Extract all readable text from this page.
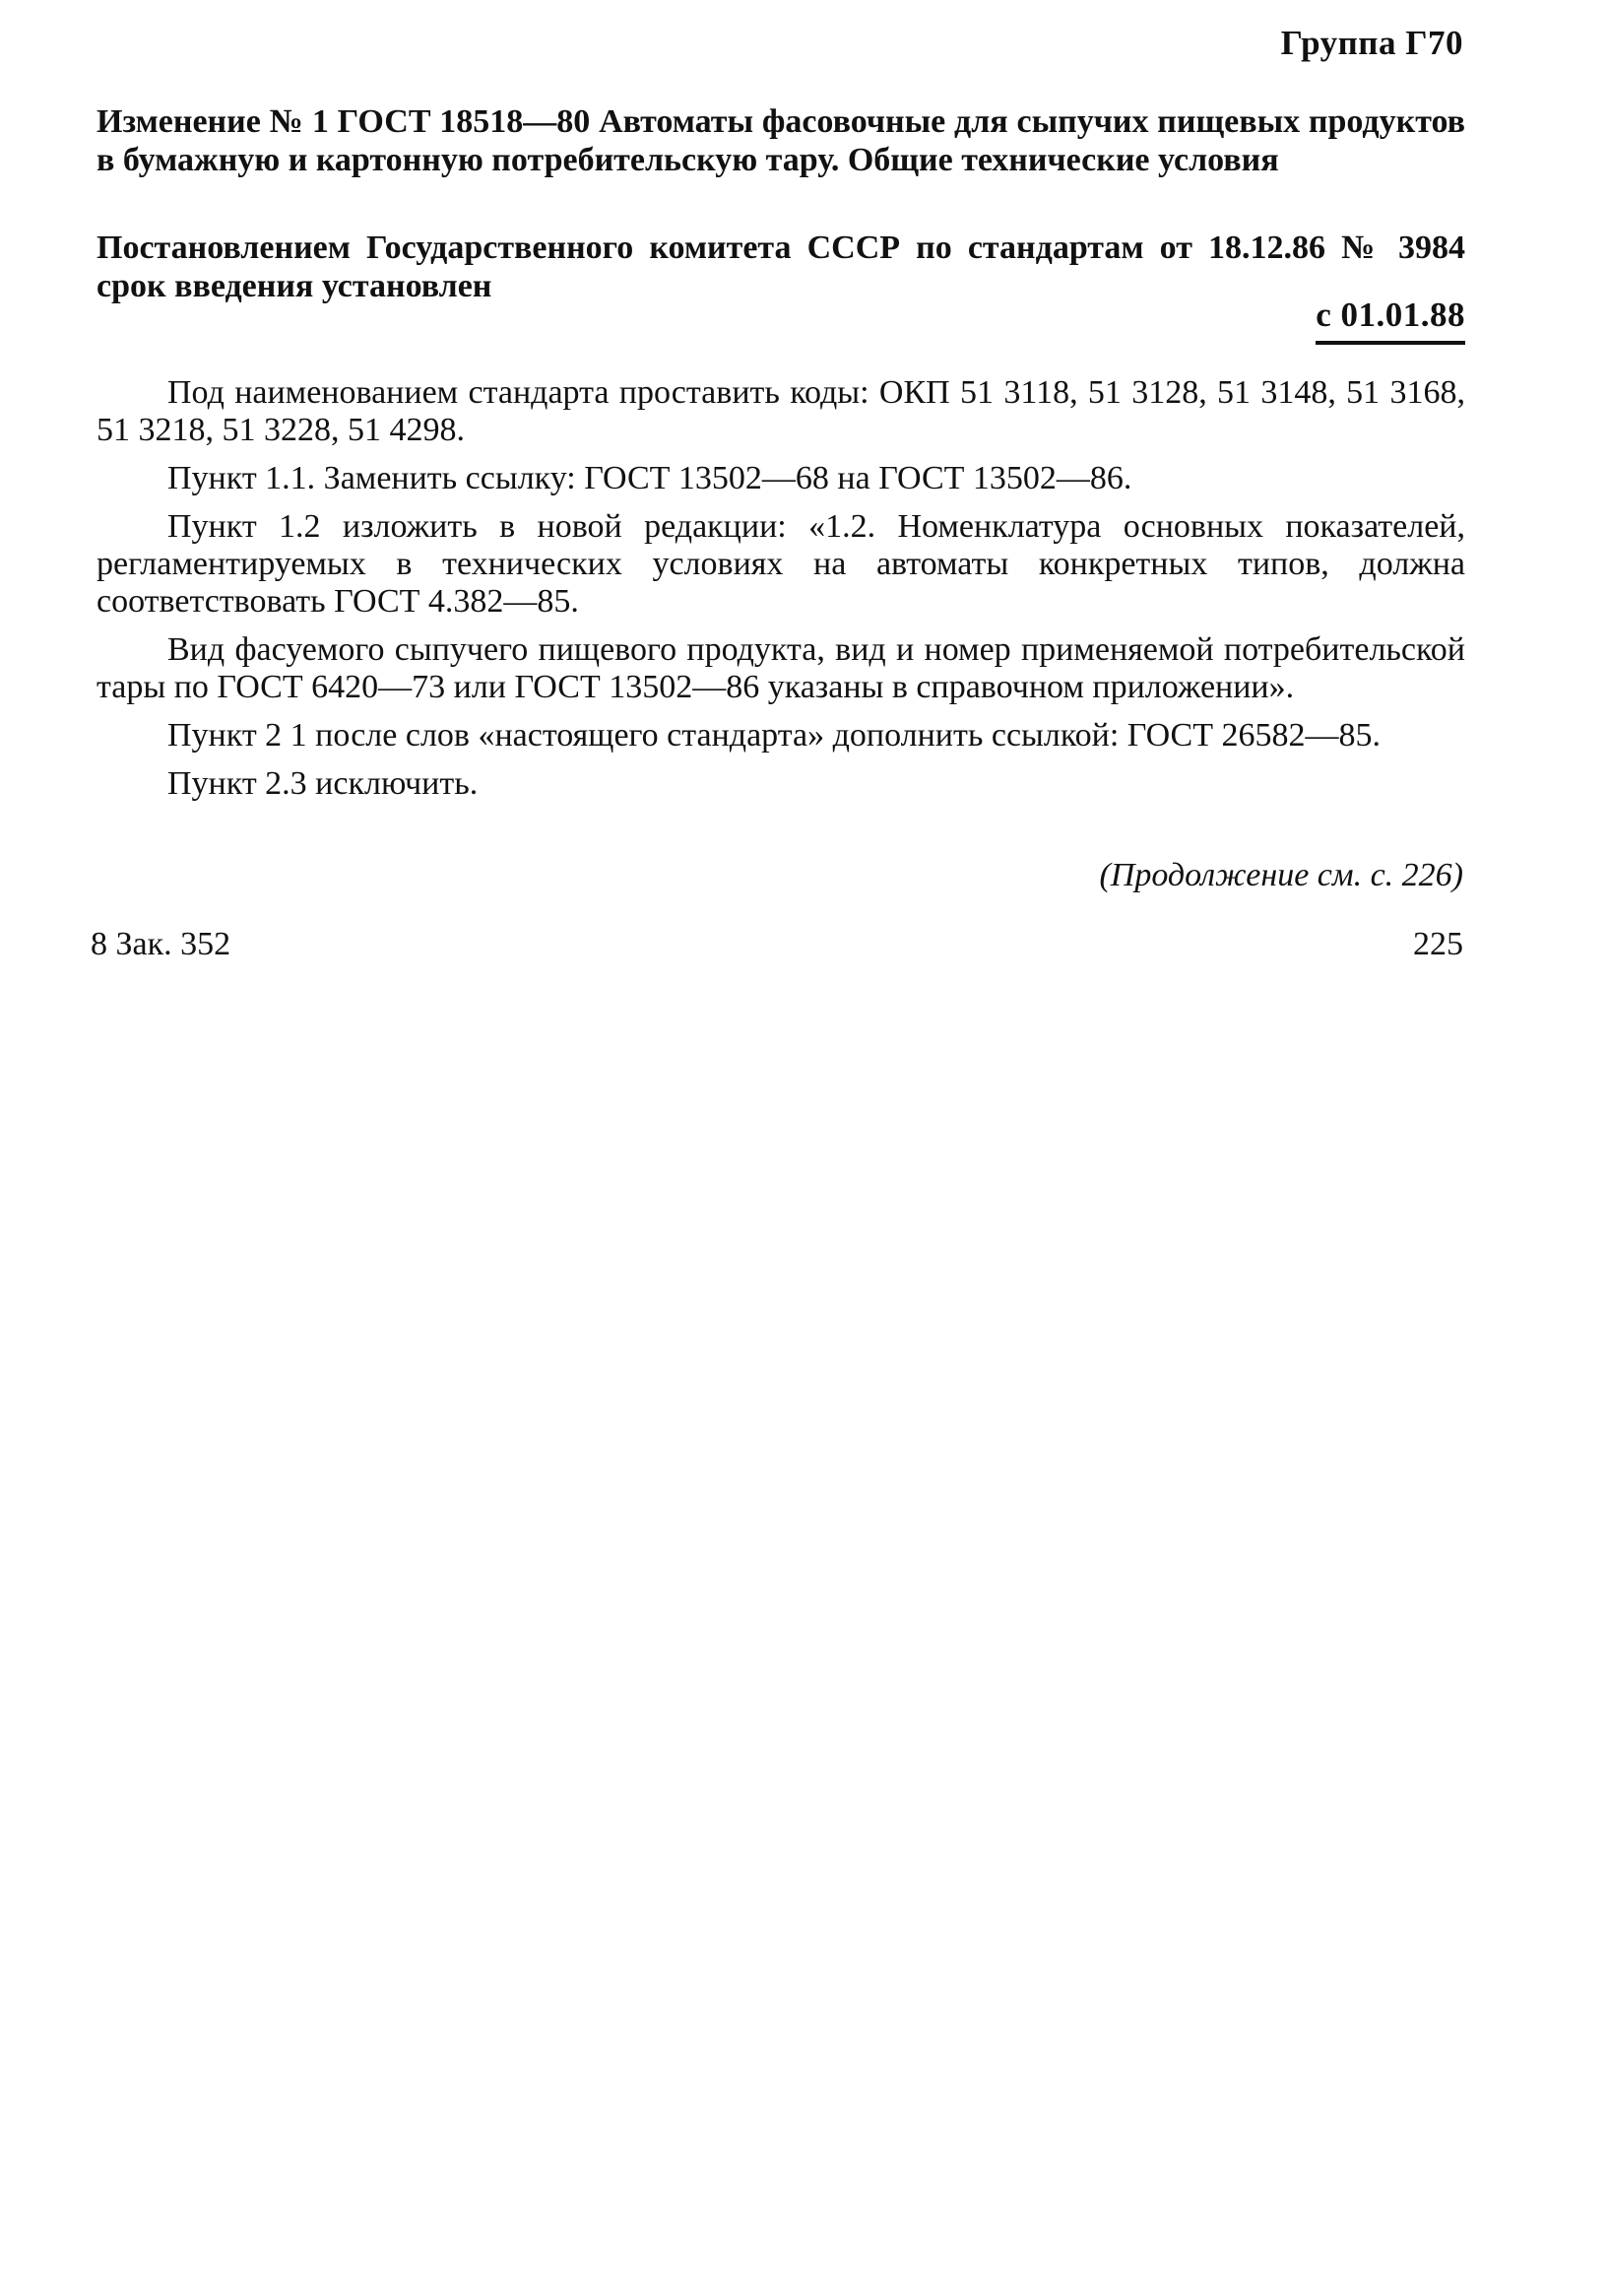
Группа Г70

Изменение № 1 ГОСТ 18518—80 Автоматы фасовочные для сыпучих пищевых продуктов в бумажную и картонную потребительскую тару. Общие технические условия

Постановлением Государственного комитета СССР по стандартам от 18.12.86 № 3984 срок введения установлен

с 01.01.88

Под наименованием стандарта проставить коды: ОКП 51 3118, 51 3128, 51 3148, 51 3168, 51 3218, 51 3228, 51 4298.

Пункт 1.1. Заменить ссылку: ГОСТ 13502—68 на ГОСТ 13502—86.

Пункт 1.2 изложить в новой редакции: «1.2. Номенклатура основных показателей, регламентируемых в технических условиях на автоматы конкретных типов, должна соответствовать ГОСТ 4.382—85.

Вид фасуемого сыпучего пищевого продукта, вид и номер применяемой потребительской тары по ГОСТ 6420—73 или ГОСТ 13502—86 указаны в справочном приложении».

Пункт 2 1 после слов «настоящего стандарта» дополнить ссылкой: ГОСТ 26582—85.

Пункт 2.3 исключить.

(Продолжение см. с. 226)
8 Зак. 352	225
